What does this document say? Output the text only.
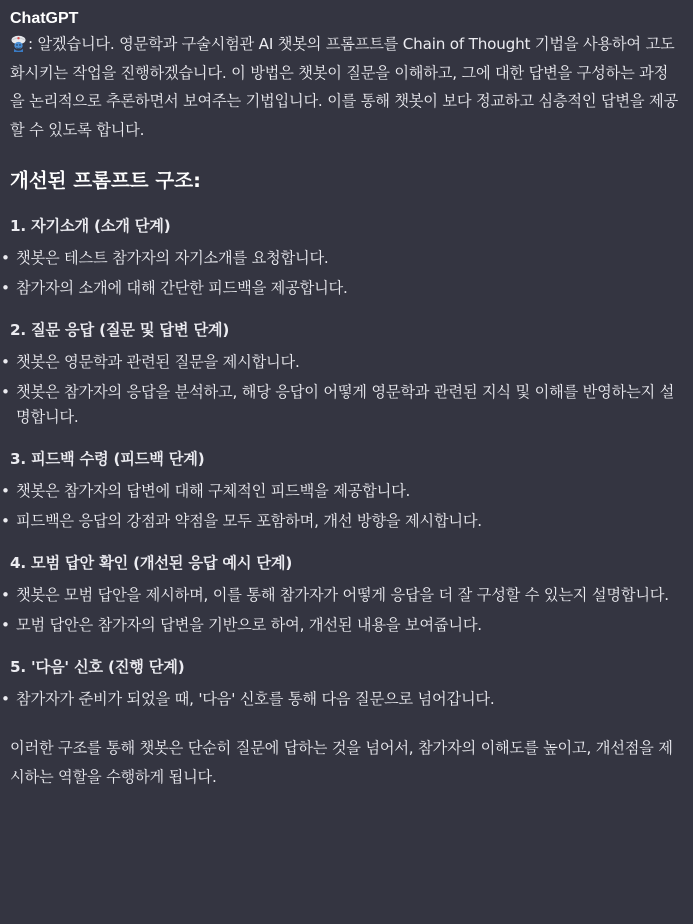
ChatGPT

: 알겠습니다. 영문학과 구술시험관 AI 챗봇의 프롬프트를 Chain of Thought 기법을 사용하여 고도화시키는 작업을 진행하겠습니다. 이 방법은 챗봇이 질문을 이해하고, 그에 대한 답변을 구성하는 과정을 논리적으로 추론하면서 보여주는 기법입니다. 이를 통해 챗봇이 보다 정교하고 심층적인 답변을 제공할 수 있도록 합니다.

개선된 프롬프트 구조:
1. 자기소개 (소개 단계)
• 챗봇은 테스트 참가자의 자기소개를 요청합니다.
• 참가자의 소개에 대해 간단한 피드백을 제공합니다.
2. 질문 응답 (질문 및 답변 단계)
• 챗봇은 영문학과 관련된 질문을 제시합니다.
• 챗봇은 참가자의 응답을 분석하고, 해당 응답이 어떻게 영문학과 관련된 지식 및 이해를 반영하는지 설명합니다.
3. 피드백 수령 (피드백 단계)
• 챗봇은 참가자의 답변에 대해 구체적인 피드백을 제공합니다.
• 피드백은 응답의 강점과 약점을 모두 포함하며, 개선 방향을 제시합니다.
4. 모범 답안 확인 (개선된 응답 예시 단계)
• 챗봇은 모범 답안을 제시하며, 이를 통해 참가자가 어떻게 응답을 더 잘 구성할 수 있는지 설명합니다.
• 모범 답안은 참가자의 답변을 기반으로 하여, 개선된 내용을 보여줍니다.
5. '다음' 신호 (진행 단계)
• 참가자가 준비가 되었을 때, '다음' 신호를 통해 다음 질문으로 넘어갑니다.

이러한 구조를 통해 챗봇은 단순히 질문에 답하는 것을 넘어서, 참가자의 이해도를 높이고, 개선점을 제시하는 역할을 수행하게 됩니다.
